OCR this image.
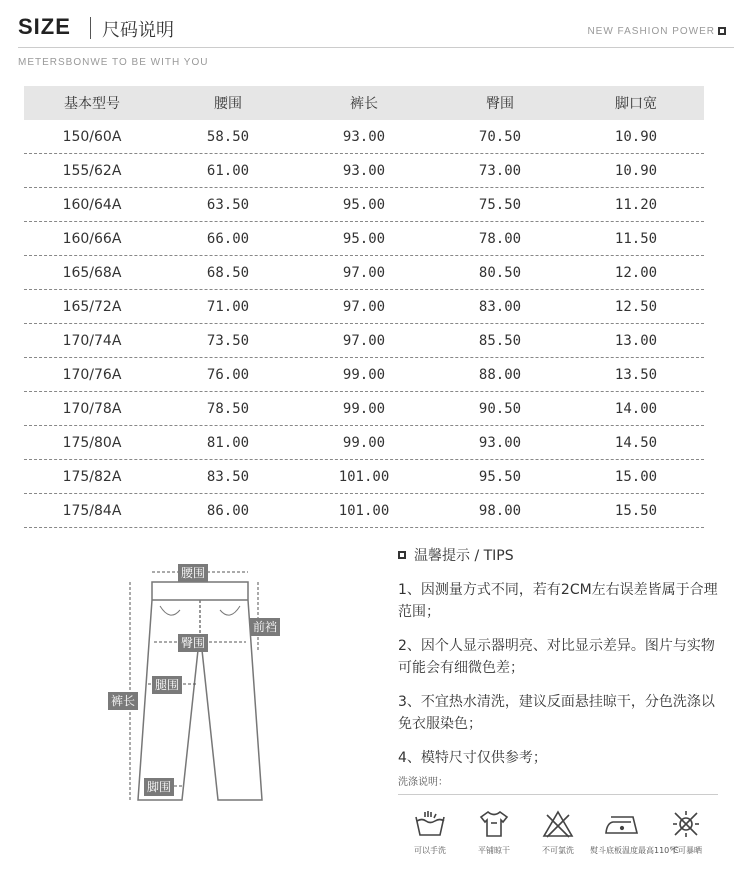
SIZE 尺码说明	NEW FASHION POWER
METERSBONWE TO BE WITH YOU
基本型号	腰围	裤长	臀围	脚口宽
150/60A	58.50	93.00	70.50	10.90
155/62A	61.00	93.00	73.00	10.90
160/64A	63.50	95.00	75.50	11.20
160/66A	66.00	95.00	78.00	11.50
165/68A	68.50	97.00	80.50	12.00
165/72A	71.00	97.00	83.00	12.50
170/74A	73.50	97.00	85.50	13.00
170/76A	76.00	99.00	88.00	13.50
170/78A	78.50	99.00	90.50	14.00
175/80A	81.00	99.00	93.00	14.50
175/82A	83.50	101.00	95.50	15.00
175/84A	86.00	101.00	98.00	15.50
腰围
前裆
臀围
腿围
裤长
脚围
温馨提示 / TIPS
1、因测量方式不同，若有2CM左右误差皆属于合理范围；
2、因个人显示器明亮、对比显示差异。图片与实物可能会有细微色差；
3、不宜热水清洗，建议反面悬挂晾干，分色洗涤以免衣服染色；
4、模特尺寸仅供参考；
洗涤说明：
可以手洗	平铺晾干	不可氯洗	熨斗底板温度最高110°C
不可暴晒
